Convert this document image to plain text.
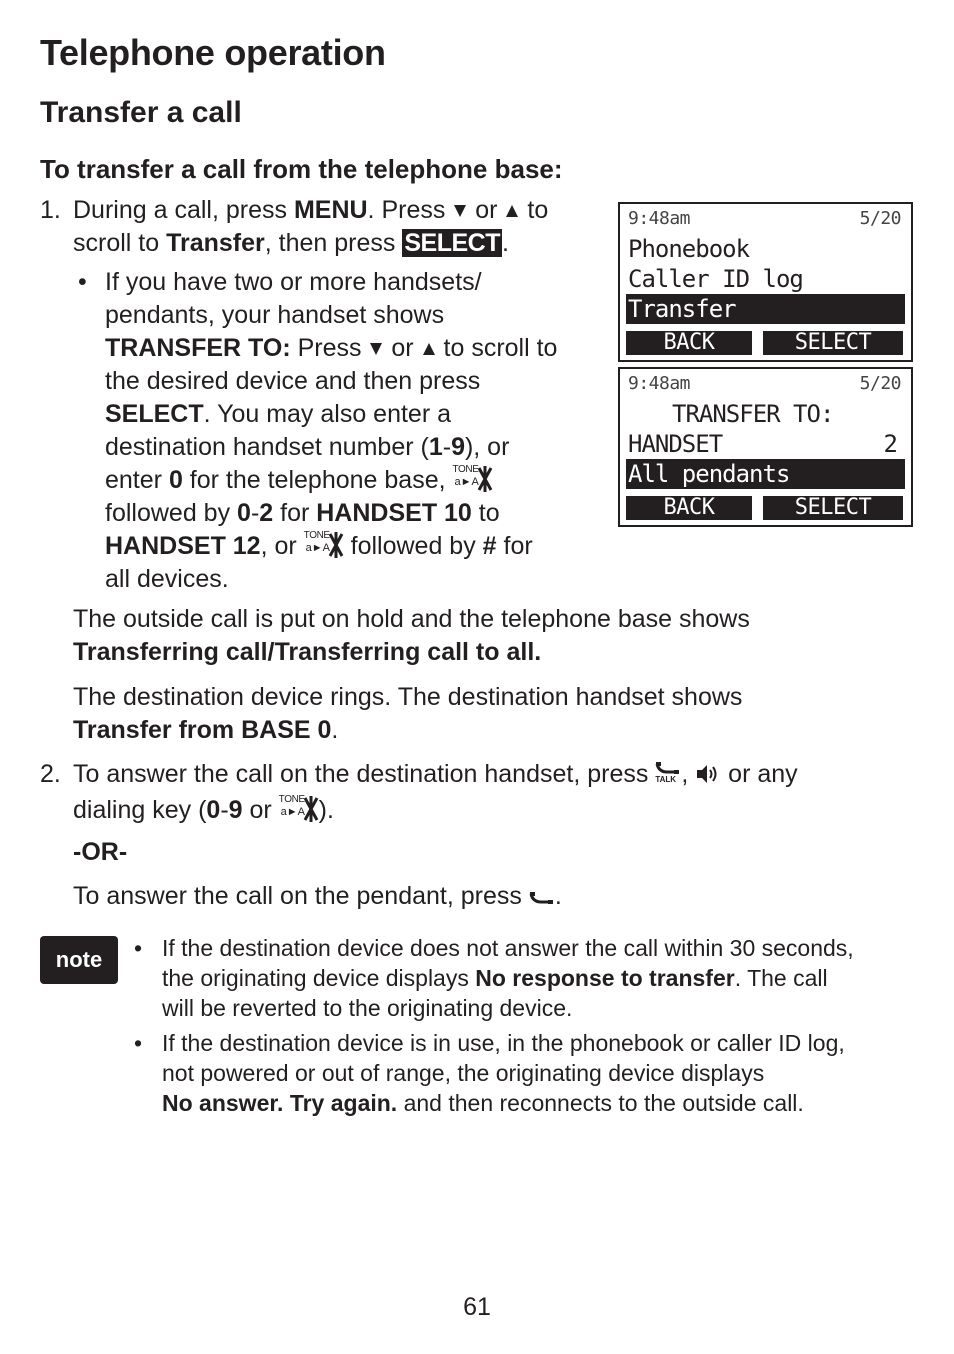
Telephone operation
Transfer a call
To transfer a call from the telephone base:
1. During a call, press MENU. Press  or  to
scroll to Transfer, then press SELECT.
• If you have two or more handsets/
pendants, your handset shows
TRANSFER TO: Press  or  to scroll to
the desired device and then press
SELECT. You may also enter a
destination handset number (1-9), or
enter 0 for the telephone base, TONE
a►A
followed by 0-2 for HANDSET 10 to
HANDSET 12, or TONE
a►A followed by # for
all devices.
9:48am	5/20
Phonebook
Caller ID log
Transfer
BACK	SELECT
9:48am	5/20
TRANSFER TO:
HANDSET	2
All pendants
BACK	SELECT
The outside call is put on hold and the telephone base shows
Transferring call/Transferring call to all.
The destination device rings. The destination handset shows
Transfer from BASE 0.
2. To answer the call on the destination handset, press TALK ,  or any
dialing key (0-9 or TONE
a►A ).
-OR-
To answer the call on the pendant, press .
note	• If the destination device does not answer the call within 30 seconds,
the originating device displays No response to transfer. The call
will be reverted to the originating device.
• If the destination device is in use, in the phonebook or caller ID log,
not powered or out of range, the originating device displays
No answer. Try again. and then reconnects to the outside call.
61
